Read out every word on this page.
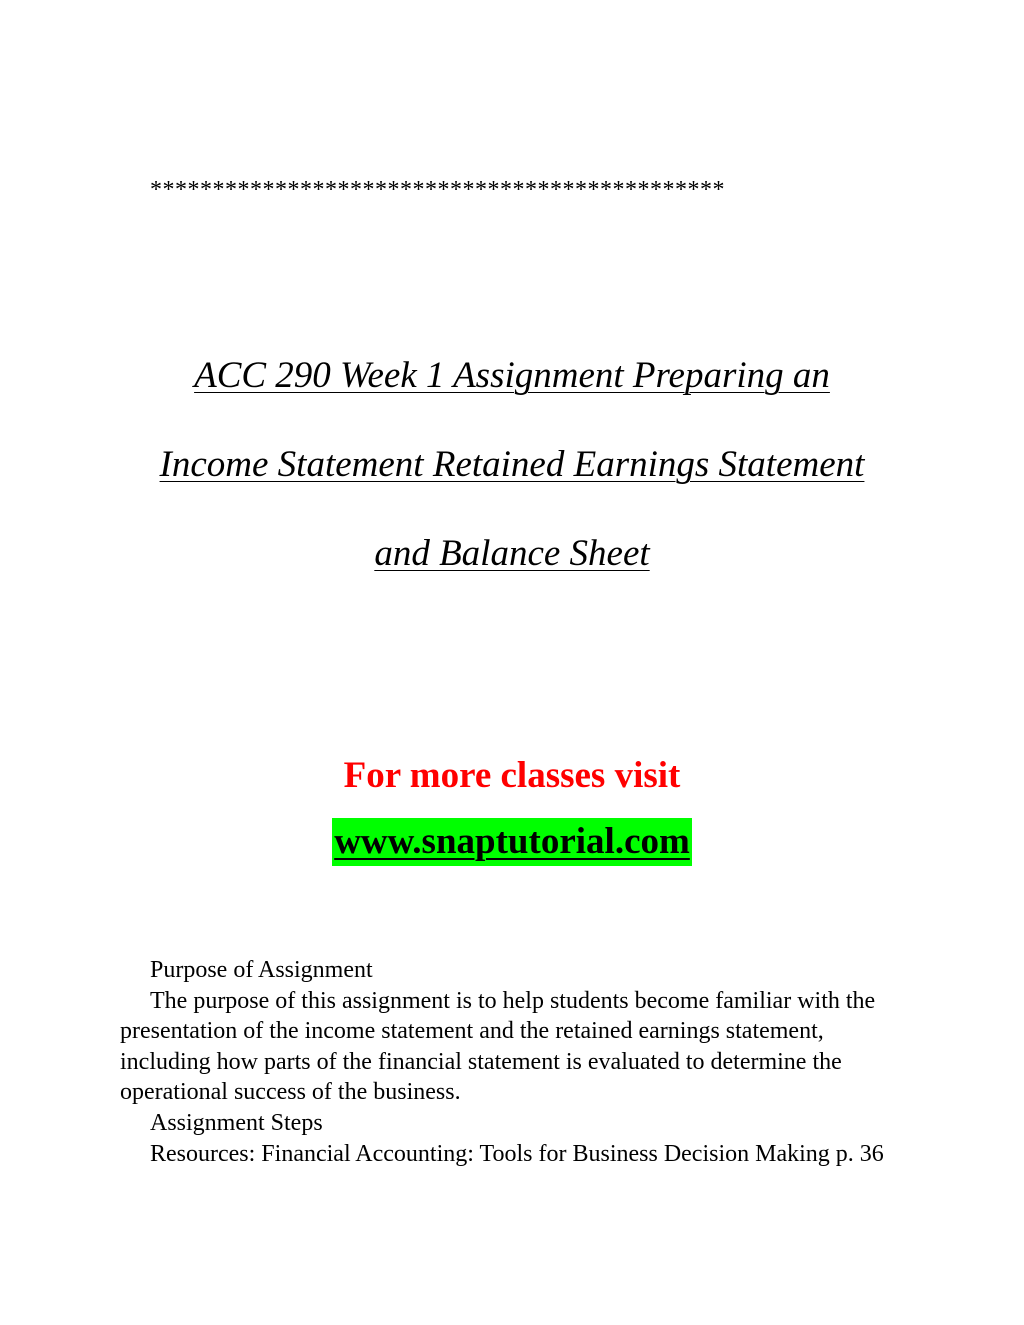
**********************************************
ACC 290 Week 1 Assignment Preparing an
Income Statement Retained Earnings Statement
and Balance Sheet
For more classes visit
www.snaptutorial.com

Purpose of Assignment

The purpose of this assignment is to help students become familiar with the presentation of the income statement and the retained earnings statement, including how parts of the financial statement is evaluated to determine the operational success of the business.

Assignment Steps

Resources: Financial Accounting: Tools for Business Decision Making p. 36
